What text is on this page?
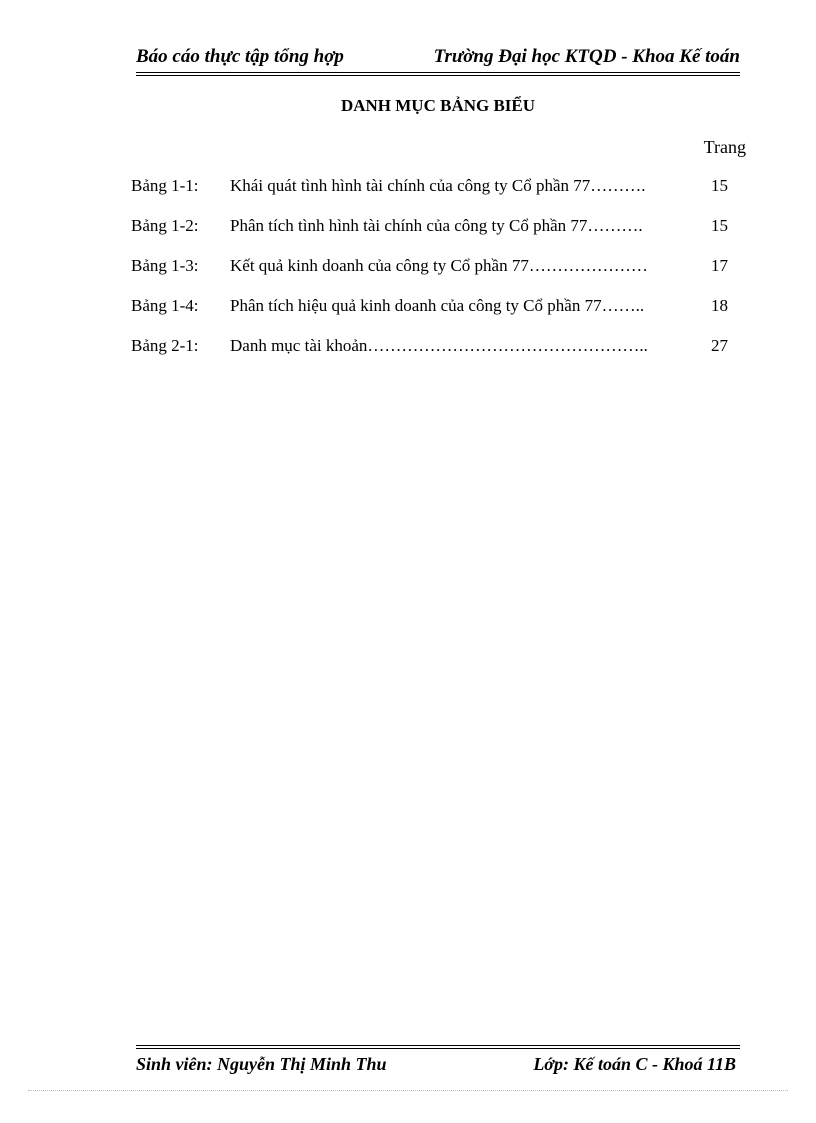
Báo cáo thực tập tổng hợp	Trường Đại học KTQD - Khoa Kế toán
DANH MỤC BẢNG BIỂU
Trang
Bảng 1-1:	Khái quát tình hình tài chính của công ty Cổ phần 77……….	15
Bảng 1-2:	Phân tích tình hình tài chính của công ty Cổ phần 77……….	15
Bảng 1-3:	Kết quả kinh doanh của công ty Cổ phần 77…………………	17
Bảng 1-4:	Phân tích hiệu quả kinh doanh của công ty Cổ phần 77……..	18
Bảng 2-1:	Danh mục tài khoản…………………………………………..	27
Sinh viên: Nguyễn Thị Minh Thu	Lớp: Kế toán C - Khoá 11B
